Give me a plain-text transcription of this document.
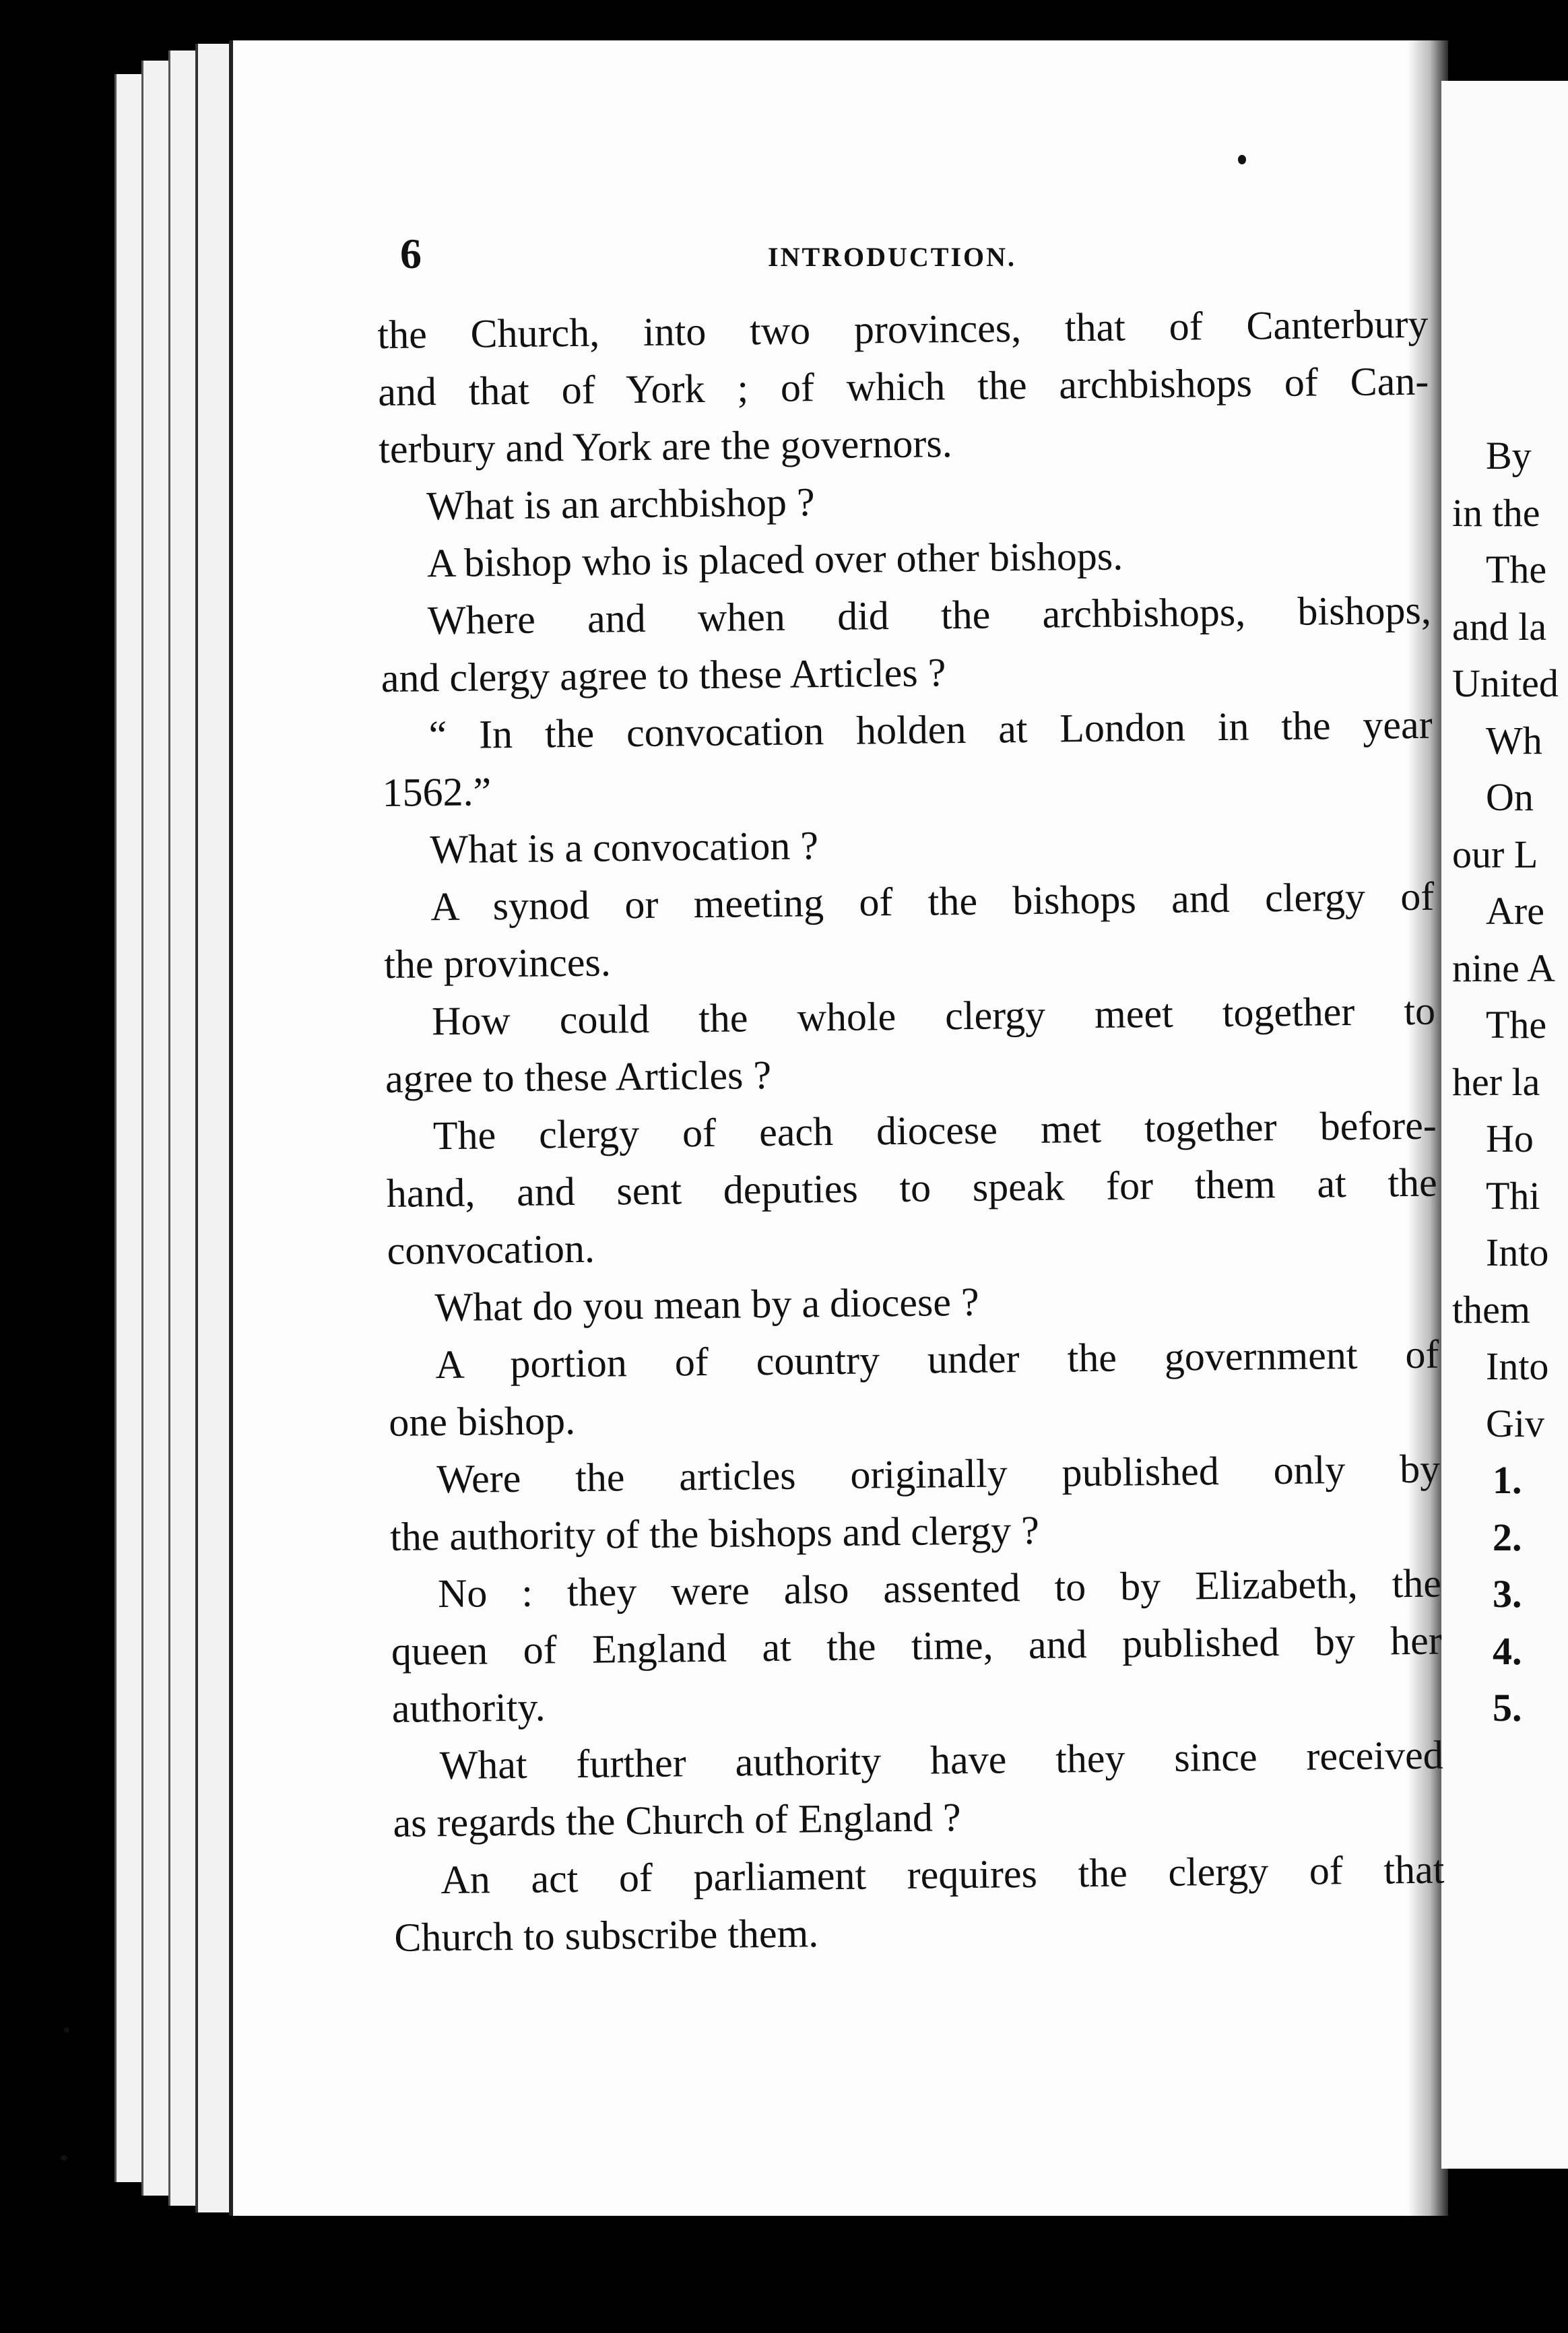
By
in the
The
and la
United
Wh
On
our L
Are
nine A
The
her la
Ho
Thi
Into
them
Into
Giv
1.
2.
3.
4.
5.
6	INTRODUCTION.
the Church, into two provinces, that of Canterbury
and that of York ; of which the archbishops of Can-
terbury and York are the governors.
What is an archbishop ?
A bishop who is placed over other bishops.
Where and when did the archbishops, bishops,
and clergy agree to these Articles ?
“ In the convocation holden at London in the year
1562.”
What is a convocation ?
A synod or meeting of the bishops and clergy of
the provinces.
How could the whole clergy meet together to
agree to these Articles ?
The clergy of each diocese met together before-
hand, and sent deputies to speak for them at the
convocation.
What do you mean by a diocese ?
A portion of country under the government of
one bishop.
Were the articles originally published only by
the authority of the bishops and clergy ?
No : they were also assented to by Elizabeth, the
queen of England at the time, and published by her
authority.
What further authority have they since received
as regards the Church of England ?
An act of parliament requires the clergy of that
Church to subscribe them.
